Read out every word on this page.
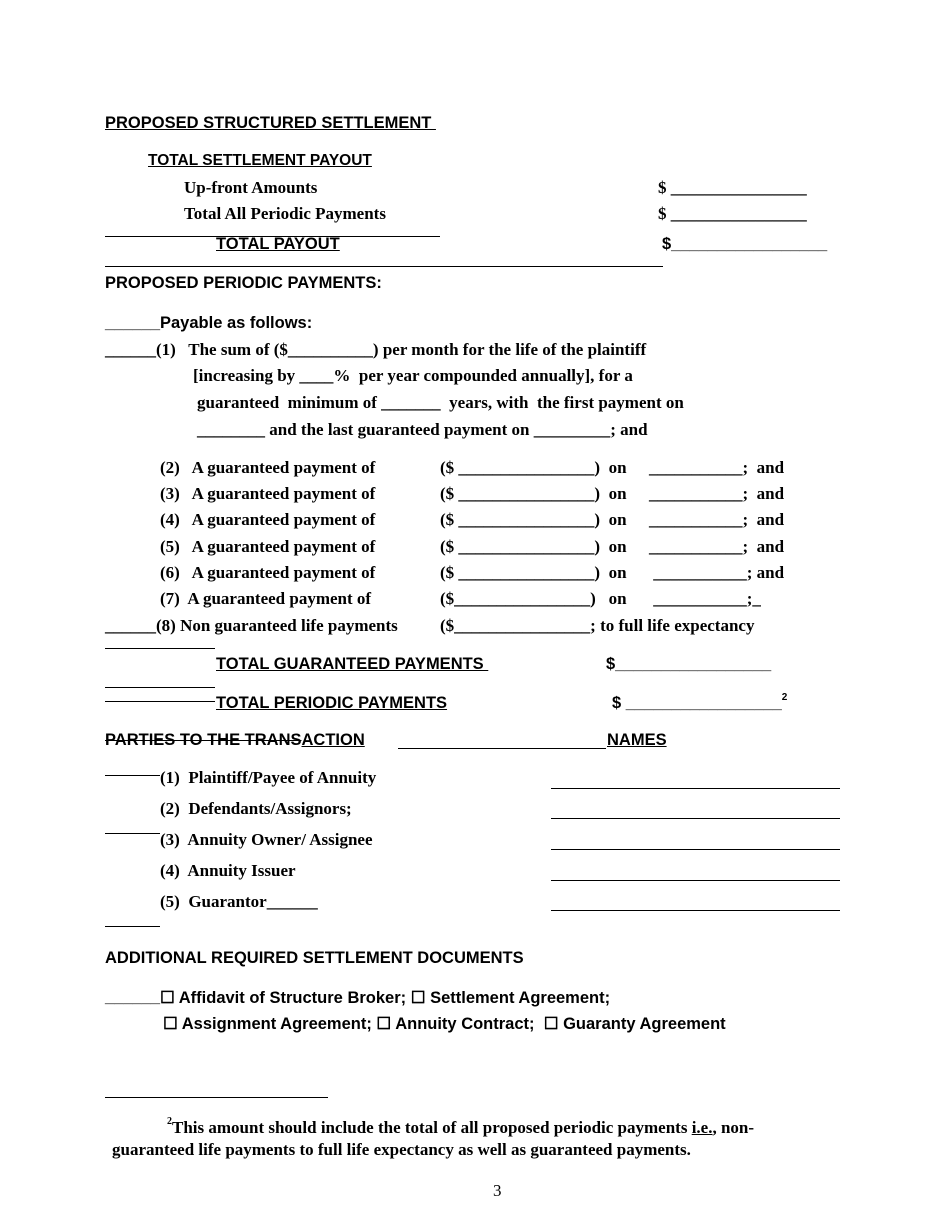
PROPOSED STRUCTURED SETTLEMENT
TOTAL SETTLEMENT PAYOUT
Up-front Amounts	$ ________________
Total All Periodic Payments	$ ________________
TOTAL PAYOUT	$_________________
PROPOSED PERIODIC PAYMENTS:
______ Payable as follows:
______(1)   The sum of ($__________) per month for the life of the plaintiff
[increasing by ____%  per year compounded annually], for a
guaranteed  minimum of _______  years, with  the first payment on
________ and the last guaranteed payment on _________; and
(2)   A guaranteed payment of	($ ________________)  on ___________;  and
(3)   A guaranteed payment of	($ ________________)  on ___________;  and
(4)   A guaranteed payment of	($ ________________)  on ___________;  and
(5)   A guaranteed payment of	($ ________________)  on ___________;  and
(6)   A guaranteed payment of	($ ________________)  on ___________; and
(7)  A guaranteed payment of	($________________)   on ___________;_
______(8) Non guaranteed life payments ($________________; to full life expectancy
TOTAL GUARANTEED PAYMENTS	$_________________
TOTAL PERIODIC PAYMENTS	$ _________________$^2$
PARTIES TO THE TRANSACTION	NAMES
(1)  Plaintiff/Payee of Annuity
(2)  Defendants/Assignors;
(3)  Annuity Owner/ Assignee
(4)  Annuity Issuer
(5)  Guarantor______
ADDITIONAL REQUIRED SETTLEMENT DOCUMENTS
______ ☐ Affidavit of Structure Broker; ☐ Settlement Agreement;
☐ Assignment Agreement; ☐ Annuity Contract;  ☐ Guaranty Agreement
$^2$This amount should include the total of all proposed periodic payments i.e., non-
guaranteed life payments to full life expectancy as well as guaranteed payments.
3
